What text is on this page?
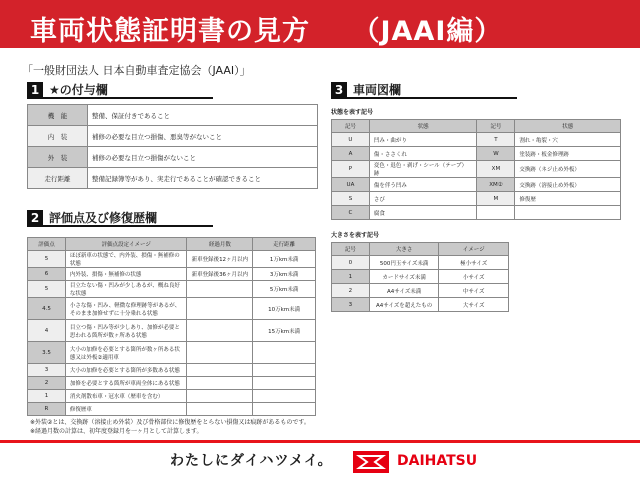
車両状態証明書の見方　　（JAAI編）
「一般財団法人 日本自動車査定協会（JAAI）」
1 ★の付与欄
機　能	整備、保証付きであること
内　装	補修の必要な目立つ損傷、悪臭等がないこと
外　装	補修の必要な目立つ損傷がないこと
走行距離	整備記録簿等があり、実走行であることが確認できること
2 評価点及び修復歴欄
評価点	評価点設定イメージ	経過月数	走行距離
5	ほぼ新車の状態で、内外装、損傷・無補修の状態	新車登録後12ヶ月以内	1万km未満
6	内外装、損傷・無補修の状態	新車登録後36ヶ月以内	3万km未満
5	目立たない傷・凹みが少しあるが、概ね良好な状態		5万km未満
4.5	小さな傷・凹み、軽微な修理跡等があるが、そのまま加修せずに十分乗れる状態		10万km未満
4	目立つ傷・凹み等が少しあり、加修が必要と思われる箇所が数ヶ所ある状態		15万km未満
3.5	大小の加修を必要とする箇所が数ヶ所ある状態又は外板②適用車		
3	大小の加修を必要とする箇所が多数ある状態		
2	加修を必要とする箇所が車両全体にある状態		
1	消火剤散布車・冠水車（歴車を含む）		
R	修復歴車		
※外装②とは、交換跡（溶接止め外装）及び骨格部位に修復歴をとらない損傷又は痕跡があるものです。
※経過月数の計算は、初年度登録月を一ヶ月として計算します。
3 車両図欄
状態を表す記号
記号	状態	記号	状態
U	凹み・曲がり	T	割れ・亀裂・穴
A	傷・ささくれ	W	塗装跡・板金修理跡
P	変色・退色・剥げ・シール（テープ）跡	XM	交換跡（ネジ止め外板）
UA	傷を伴う凹み	XM②	交換跡（溶接止め外板）
S	さび	M	修復歴
C	腐食		
大きさを表す記号
記号	大きさ	イメージ
0	500円玉サイズ未満	極小サイズ
1	カードサイズ未満	小サイズ
2	A4サイズ未満	中サイズ
3	A4サイズを超えたもの	大サイズ
わたしにダイハツメイ。	DAIHATSU
